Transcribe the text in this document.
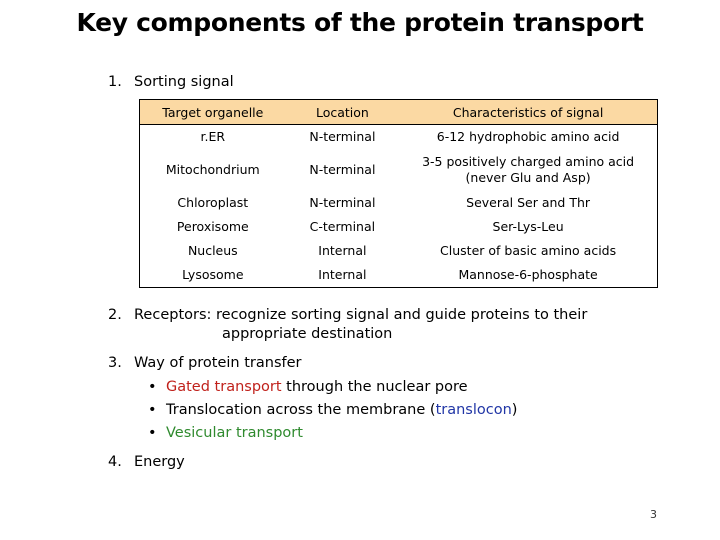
Key components of the protein transport
1. Sorting signal
Target organelle	Location	Characteristics of signal
r.ER	N-terminal	6-12 hydrophobic amino acid
Mitochondrium	N-terminal	3-5 positively charged amino acid
(never Glu and Asp)

Chloroplast	N-terminal	Several Ser and Thr
Peroxisome	C-terminal	Ser-Lys-Leu
Nucleus	Internal	Cluster of basic amino acids
Lysosome	Internal	Mannose-6-phosphate
2. Receptors: recognize sorting signal and guide proteins to their
appropriate destination
3. Way of protein transfer
• Gated transport through the nuclear pore
• Translocation across the membrane (translocon)
• Vesicular transport
4. Energy
3
